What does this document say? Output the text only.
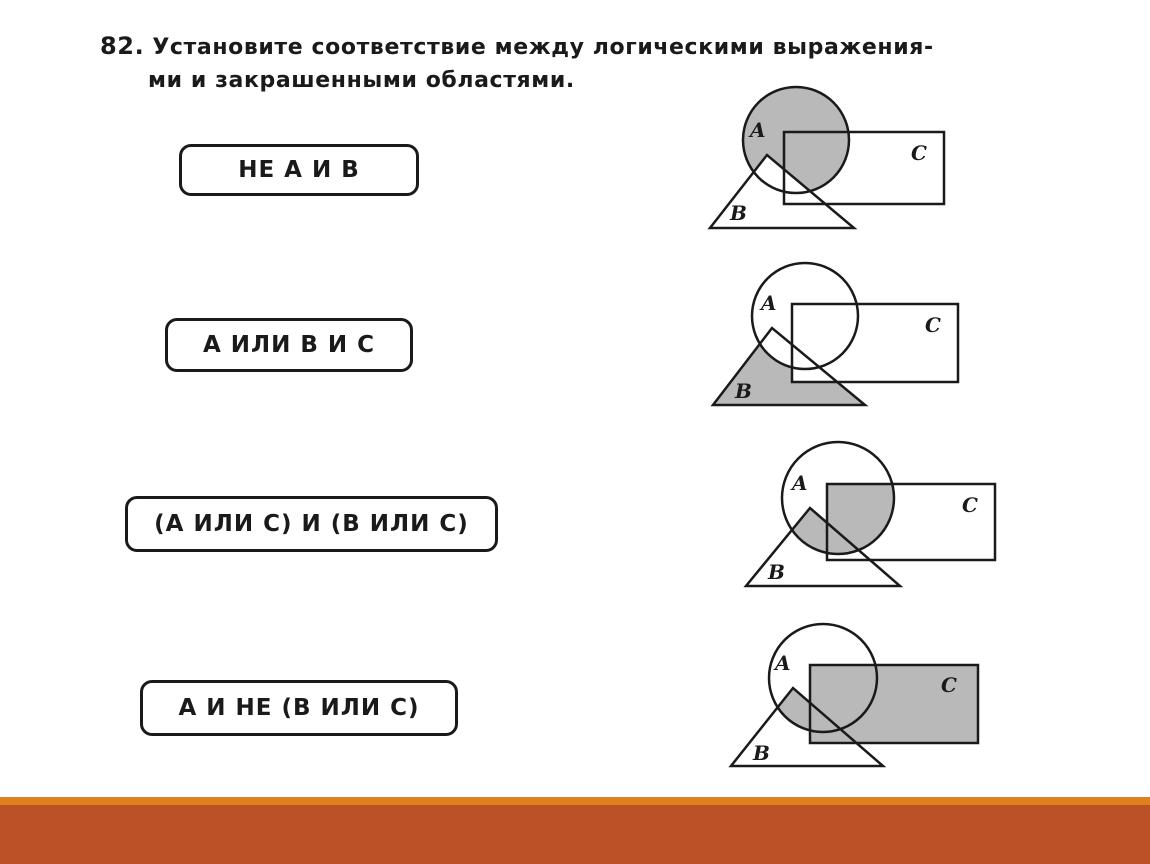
82. Установите соответствие между логическими выражения-
ми и закрашенными областями.
НЕ А И В
А ИЛИ В И С
(А ИЛИ С) И (В ИЛИ С)
А И НЕ (В ИЛИ С)
A
C
B
A
C
B
A
C
B
A
C
B
